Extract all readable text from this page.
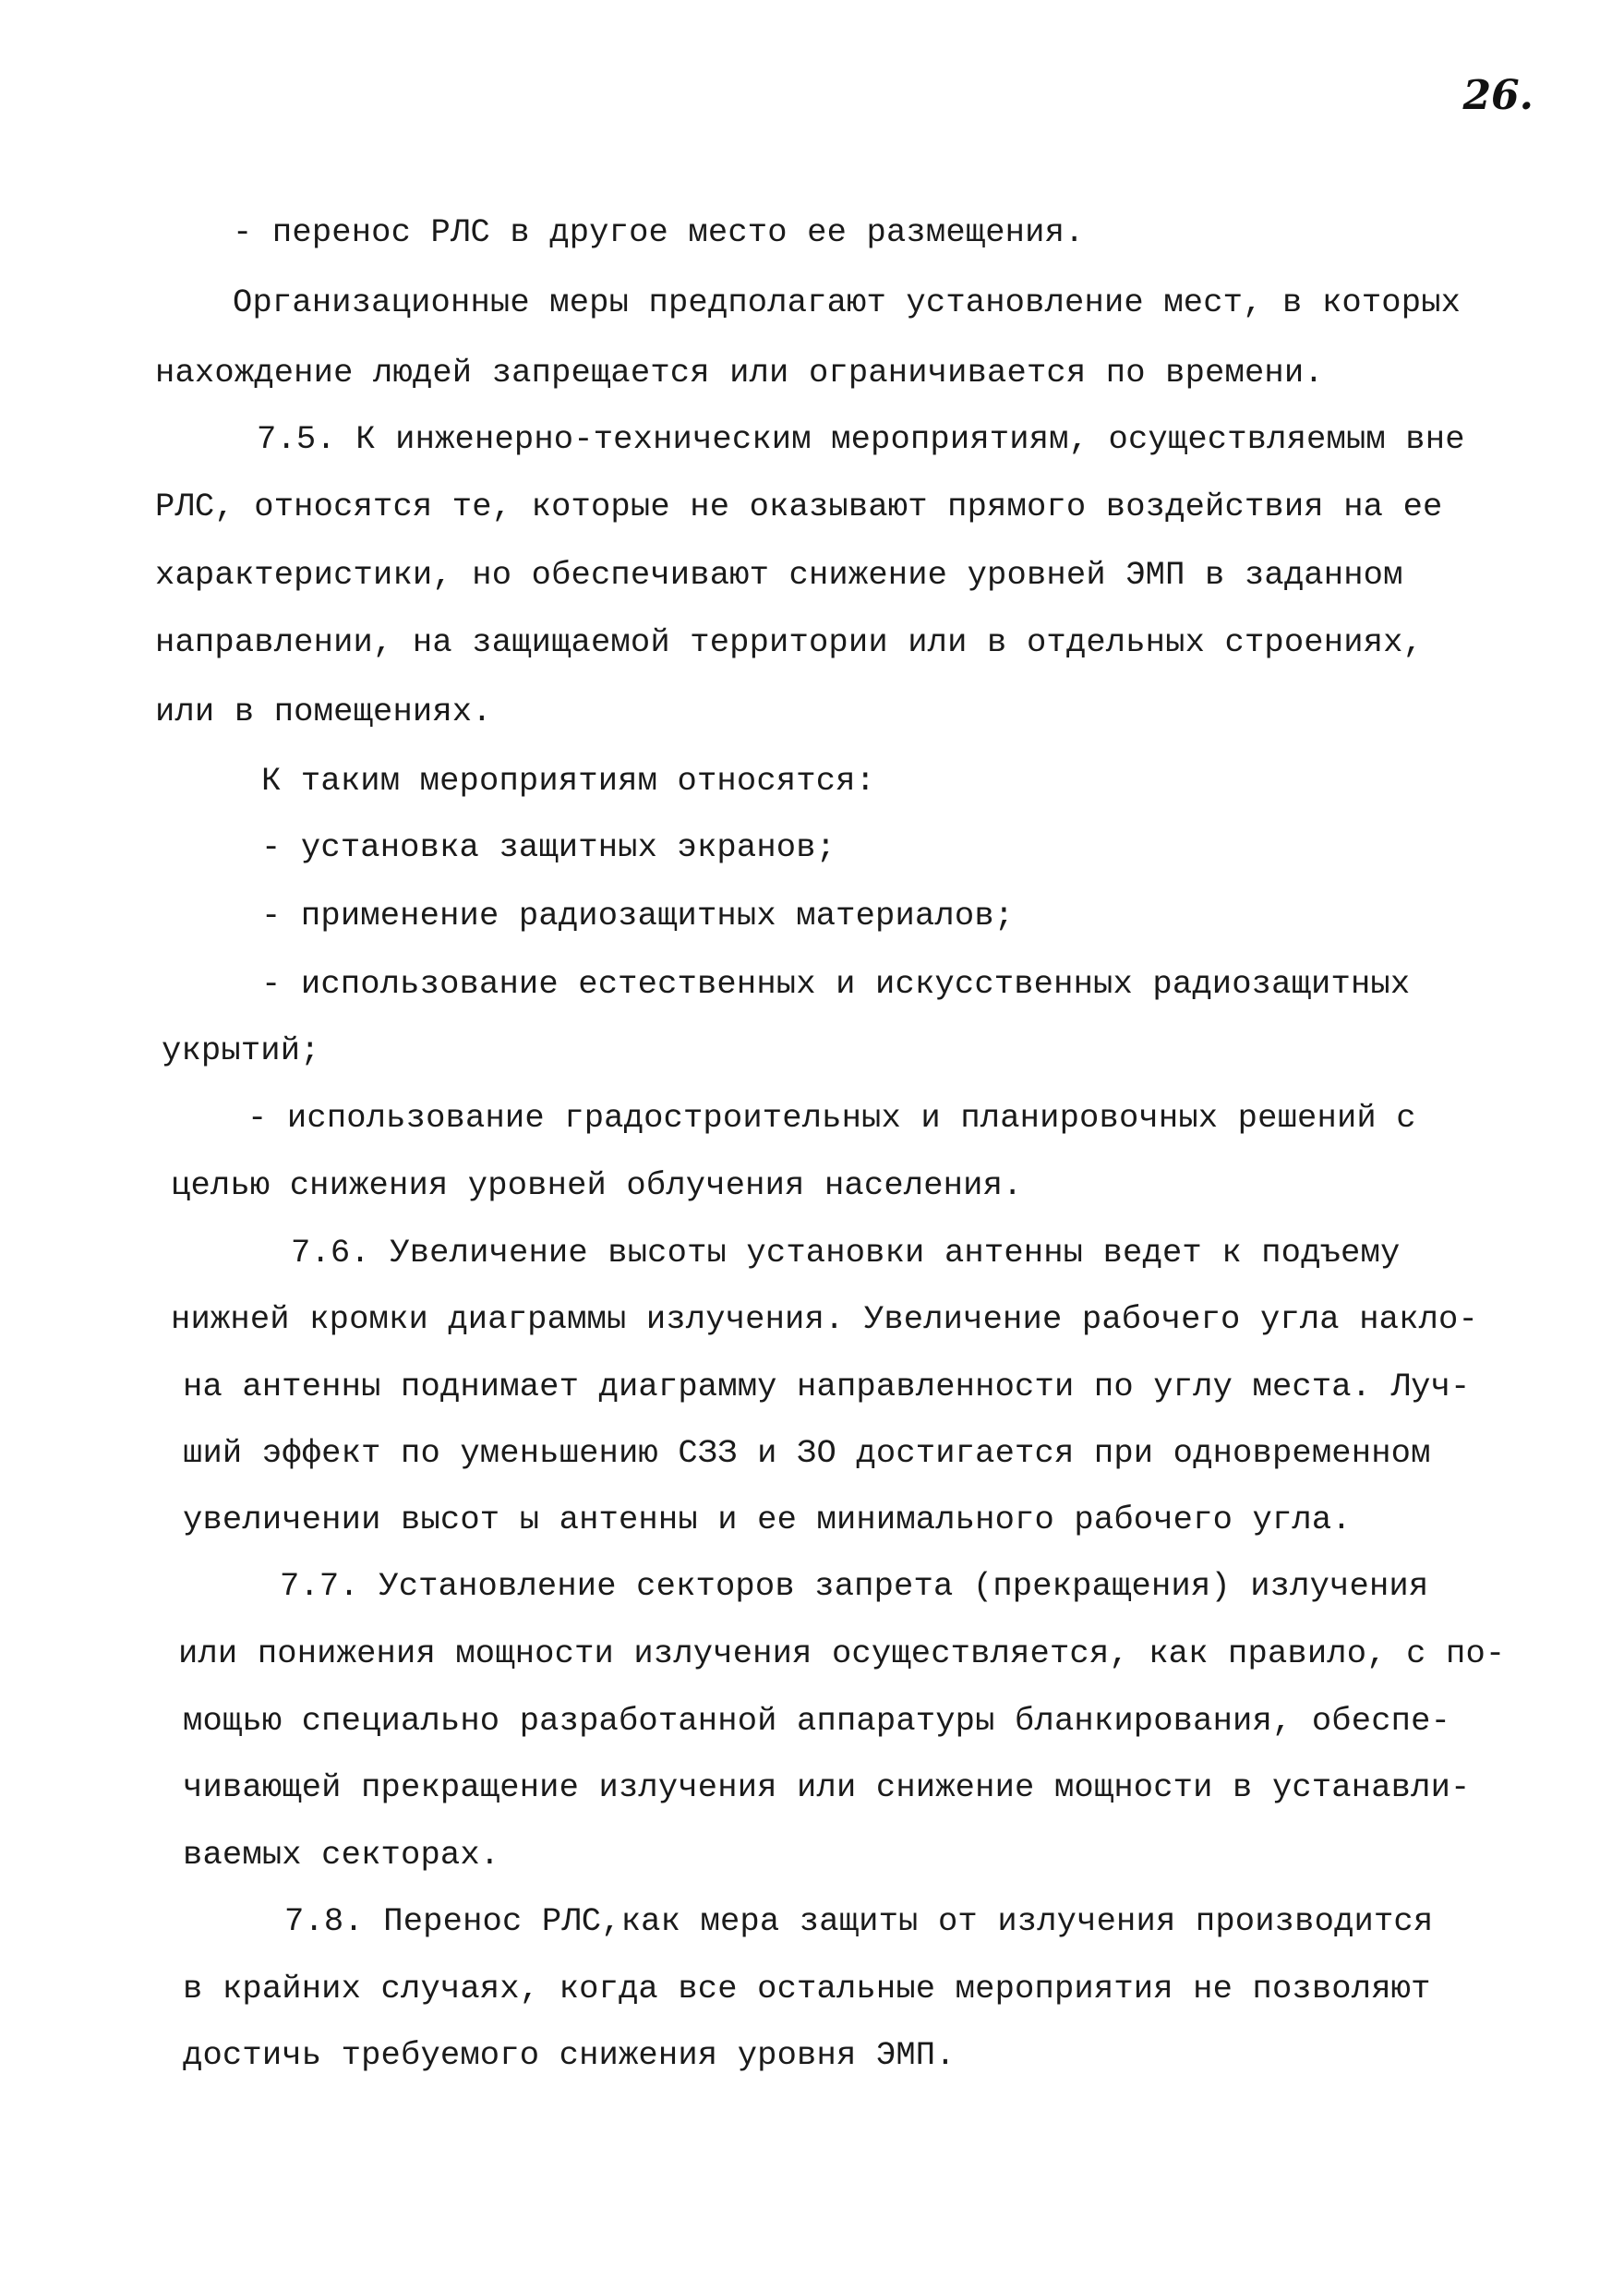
26.
- перенос РЛС в другое место ее размещения.
Организационные меры предполагают установление мест, в которых
нахождение людей запрещается или ограничивается по времени.
7.5. К инженерно-техническим мероприятиям, осуществляемым вне
РЛС, относятся те, которые не оказывают прямого воздействия на ее
характеристики, но обеспечивают снижение уровней ЭМП в заданном
направлении, на защищаемой территории или в отдельных строениях,
или в помещениях.
К таким мероприятиям относятся:
- установка защитных экранов;
- применение радиозащитных материалов;
- использование естественных и искусственных радиозащитных
укрытий;
- использование градостроительных и планировочных решений с
целью снижения уровней облучения населения.
7.6. Увеличение высоты установки антенны ведет к подъему
нижней кромки диаграммы излучения. Увеличение рабочего угла накло-
на антенны поднимает диаграмму направленности по углу места. Луч-
ший эффект по уменьшению СЗЗ и ЗО достигается при одновременном
увеличении высот ы антенны и ее минимального рабочего угла.
7.7. Установление секторов запрета (прекращения) излучения
или понижения мощности излучения осуществляется, как правило, с по-
мощью специально разработанной аппаратуры бланкирования, обеспе-
чивающей прекращение излучения или снижение мощности в устанавли-
ваемых секторах.
7.8. Перенос РЛС,как мера защиты от излучения производится
в крайних случаях, когда все остальные мероприятия не позволяют
достичь требуемого снижения уровня ЭМП.
